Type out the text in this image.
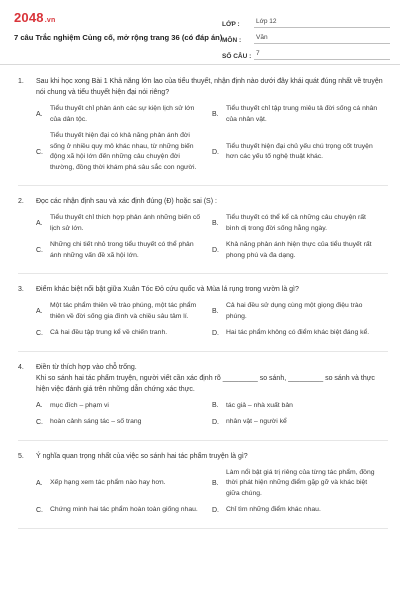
2048.vn
7 câu Trắc nghiệm Củng cố, mở rộng trang 36 (có đáp án)
LỚP :	Lớp 12
MÔN :	Văn
SỐ CÂU : 7
1.	Sau khi học xong Bài 1 Khả năng lớn lao của tiểu thuyết, nhận định nào dưới đây khái quát đúng nhất về truyện nói chung và tiểu thuyết hiện đại nói riêng?
A.
Tiểu thuyết chỉ phản ánh các sự kiện lịch sử lớn của dân tộc.
B.
Tiểu thuyết chỉ tập trung miêu tả đời sống cá nhân của nhân vật.
C.
Tiểu thuyết hiện đại có khả năng phản ánh đời sống ở nhiều quy mô khác nhau, từ những biến động xã hội lớn đến những câu chuyện đời thường, đồng thời khám phá sâu sắc con người.
D.
Tiểu thuyết hiện đại chủ yếu chú trọng cốt truyện hơn các yếu tố nghệ thuật khác.
2.	Đọc các nhận định sau và xác định đúng (Đ) hoặc sai (S) :
A.
Tiểu thuyết chỉ thích hợp phản ánh những biến cố lịch sử lớn.
B.
Tiểu thuyết có thể kể cả những câu chuyện rất bình dị trong đời sống hằng ngày.
C.
Những chi tiết nhỏ trong tiểu thuyết có thể phản ánh những vấn đề xã hội lớn.
D.
Khả năng phản ánh hiện thực của tiểu thuyết rất phong phú và đa dạng.
3.	Điểm khác biệt nổi bật giữa Xuân Tóc Đỏ cứu quốc và Mùa lá rụng trong vườn là gì?
A.
Một tác phẩm thiên về trào phúng, một tác phẩm thiên về đời sống gia đình và chiều sâu tâm lí.
B.
Cả hai đều sử dụng cùng một giọng điệu trào phúng.
C.	Cả hai đều tập trung kể về chiến tranh.	D.	Hai tác phẩm không có điểm khác biệt đáng kể.
4.	Điền từ thích hợp vào chỗ trống.
Khi so sánh hai tác phẩm truyện, người viết cần xác định rõ _________ so sánh, _________ so sánh và thực hiện việc đánh giá trên những dẫn chứng xác thực.
A.	mục đích – phạm vi	B.	tác giả – nhà xuất bản
C.	hoàn cảnh sáng tác – số trang	D.	nhân vật – người kể
5.	Ý nghĩa quan trọng nhất của việc so sánh hai tác phẩm truyện là gì?
A.	Xếp hạng xem tác phẩm nào hay hơn.	B.
Làm nổi bật giá trị riêng của từng tác phẩm, đồng thời phát hiện những điểm gặp gỡ và khác biệt giữa chúng.
C.	Chứng minh hai tác phẩm hoàn toàn giống nhau.	D.	Chỉ tìm những điểm khác nhau.
